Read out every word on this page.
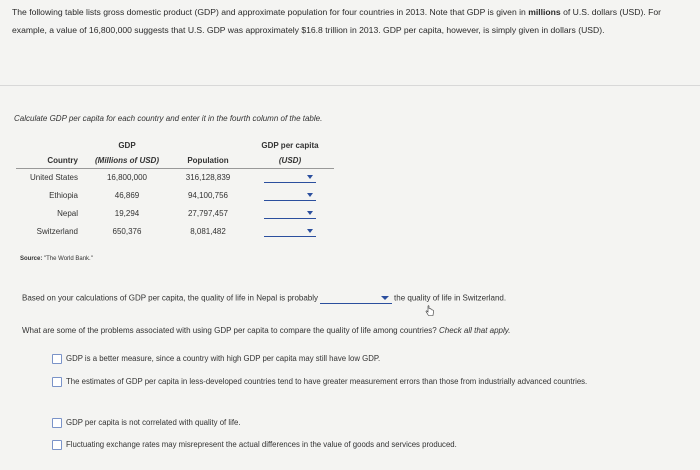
The following table lists gross domestic product (GDP) and approximate population for four countries in 2013. Note that GDP is given in millions of U.S. dollars (USD). For example, a value of 16,800,000 suggests that U.S. GDP was approximately $16.8 trillion in 2013. GDP per capita, however, is simply given in dollars (USD).
Calculate GDP per capita for each country and enter it in the fourth column of the table.
	GDP		GDP per capita
Country	(Millions of USD)	Population	(USD)
United States	16,800,000	316,128,839	

Ethiopia	46,869	94,100,756	

Nepal	19,294	27,797,457	

Switzerland	650,376	8,081,482	
Source: "The World Bank."
Based on your calculations of GDP per capita, the quality of life in Nepal is probably	the quality of life in Switzerland.
What are some of the problems associated with using GDP per capita to compare the quality of life among countries? Check all that apply.
GDP is a better measure, since a country with high GDP per capita may still have low GDP.
The estimates of GDP per capita in less-developed countries tend to have greater measurement errors than those from industrially advanced countries.
GDP per capita is not correlated with quality of life.
Fluctuating exchange rates may misrepresent the actual differences in the value of goods and services produced.
